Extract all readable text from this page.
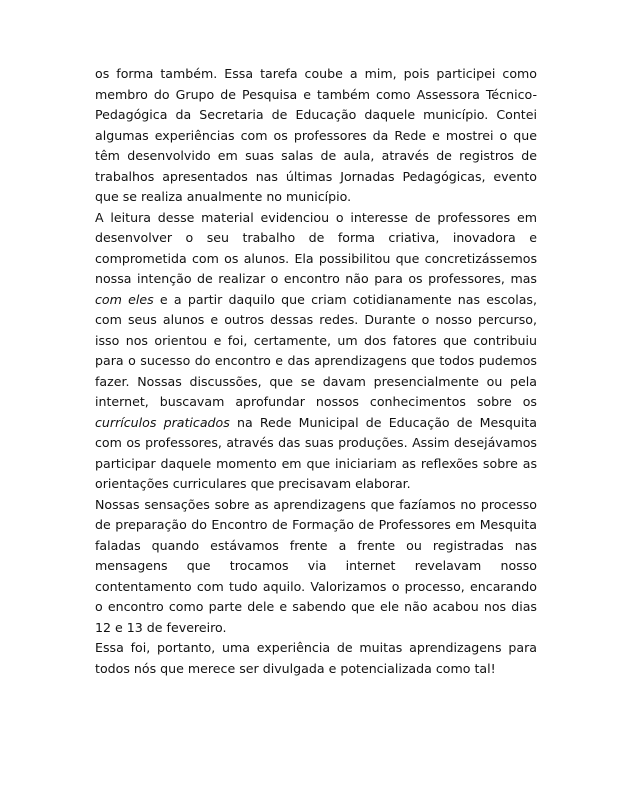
os forma também. Essa tarefa coube a mim, pois participei como membro do Grupo de Pesquisa e também como Assessora Técnico-Pedagógica da Secretaria de Educação daquele município. Contei algumas experiências com os professores da Rede e mostrei o que têm desenvolvido em suas salas de aula, através de registros de trabalhos apresentados nas últimas Jornadas Pedagógicas, evento que se realiza anualmente no município.

A leitura desse material evidenciou o interesse de professores em desenvolver o seu trabalho de forma criativa, inovadora e comprometida com os alunos. Ela possibilitou que concretizássemos nossa intenção de realizar o encontro não para os professores, mas com eles e a partir daquilo que criam cotidianamente nas escolas, com seus alunos e outros dessas redes. Durante o nosso percurso, isso nos orientou e foi, certamente, um dos fatores que contribuiu para o sucesso do encontro e das aprendizagens que todos pudemos fazer. Nossas discussões, que se davam presencialmente ou pela internet, buscavam aprofundar nossos conhecimentos sobre os currículos praticados na Rede Municipal de Educação de Mesquita com os professores, através das suas produções. Assim desejávamos participar daquele momento em que iniciariam as reflexões sobre as orientações curriculares que precisavam elaborar.

Nossas sensações sobre as aprendizagens que fazíamos no processo de preparação do Encontro de Formação de Professores em Mesquita faladas quando estávamos frente a frente ou registradas nas mensagens que trocamos via internet revelavam nosso contentamento com tudo aquilo. Valorizamos o processo, encarando o encontro como parte dele e sabendo que ele não acabou nos dias 12 e 13 de fevereiro.

Essa foi, portanto, uma experiência de muitas aprendizagens para todos nós que merece ser divulgada e potencializada como tal!
